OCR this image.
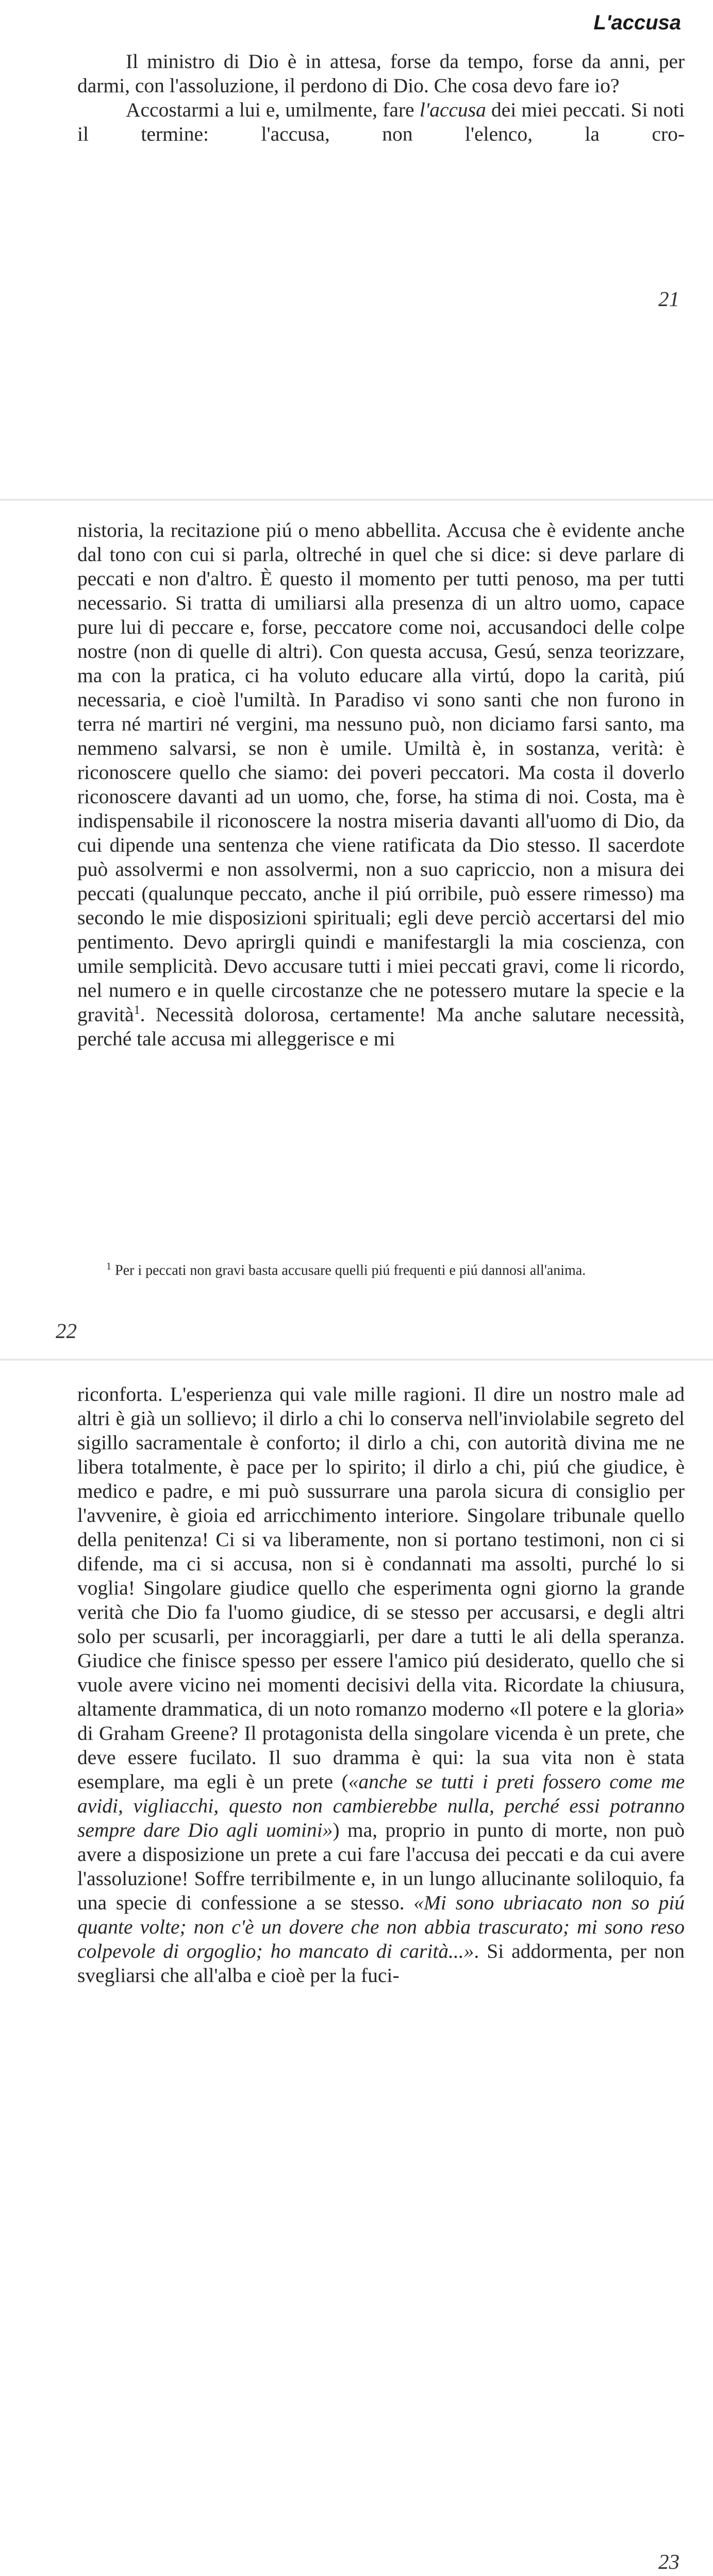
L'accusa

Il ministro di Dio è in attesa, forse da tempo, forse da anni, per darmi, con l'assoluzione, il perdono di Dio. Che cosa devo fare io?

Accostarmi a lui e, umilmente, fare l'accusa dei miei peccati. Si noti il termine: l'accusa, non l'elenco, la cro-

21

nistoria, la recitazione piú o meno abbellita. Accusa che è evidente anche dal tono con cui si parla, oltreché in quel che si dice: si deve parlare di peccati e non d'altro. È questo il momento per tutti penoso, ma per tutti necessario. Si tratta di umiliarsi alla presenza di un altro uomo, capace pure lui di peccare e, forse, peccatore come noi, accusandoci delle colpe nostre (non di quelle di altri). Con questa accusa, Gesú, senza teorizzare, ma con la pratica, ci ha voluto educare alla virtú, dopo la carità, piú necessaria, e cioè l'umiltà. In Paradiso vi sono santi che non furono in terra né martiri né vergini, ma nessuno può, non diciamo farsi santo, ma nemmeno salvarsi, se non è umile. Umiltà è, in sostanza, verità: è riconoscere quello che siamo: dei poveri peccatori. Ma costa il doverlo riconoscere davanti ad un uomo, che, forse, ha stima di noi. Costa, ma è indispensabile il riconoscere la nostra miseria davanti all'uomo di Dio, da cui dipende una sentenza che viene ratificata da Dio stesso. Il sacerdote può assolvermi e non assolvermi, non a suo capriccio, non a misura dei peccati (qualunque peccato, anche il piú orribile, può essere rimesso) ma secondo le mie disposizioni spirituali; egli deve perciò accertarsi del mio pentimento. Devo aprirgli quindi e manifestargli la mia coscienza, con umile semplicità. Devo accusare tutti i miei peccati gravi, come li ricordo, nel numero e in quelle circostanze che ne potessero mutare la specie e la gravità$^1$. Necessità dolorosa, certamente! Ma anche salutare necessità, perché tale accusa mi alleggerisce e mi

$^1$ Per i peccati non gravi basta accusare quelli piú frequenti e piú dannosi all'anima.
22

riconforta. L'esperienza qui vale mille ragioni. Il dire un nostro male ad altri è già un sollievo; il dirlo a chi lo conserva nell'inviolabile segreto del sigillo sacramentale è conforto; il dirlo a chi, con autorità divina me ne libera totalmente, è pace per lo spirito; il dirlo a chi, piú che giudice, è medico e padre, e mi può sussurrare una parola sicura di consiglio per l'avvenire, è gioia ed arricchimento interiore. Singolare tribunale quello della penitenza! Ci si va liberamente, non si portano testimoni, non ci si difende, ma ci si accusa, non si è condannati ma assolti, purché lo si voglia! Singolare giudice quello che esperimenta ogni giorno la grande verità che Dio fa l'uomo giudice, di se stesso per accusarsi, e degli altri solo per scusarli, per incoraggiarli, per dare a tutti le ali della speranza. Giudice che finisce spesso per essere l'amico piú desiderato, quello che si vuole avere vicino nei momenti decisivi della vita. Ricordate la chiusura, altamente drammatica, di un noto romanzo moderno «Il potere e la gloria» di Graham Greene? Il protagonista della singolare vicenda è un prete, che deve essere fucilato. Il suo dramma è qui: la sua vita non è stata esemplare, ma egli è un prete («anche se tutti i preti fossero come me avidi, vigliacchi, questo non cambierebbe nulla, perché essi potranno sempre dare Dio agli uomini») ma, proprio in punto di morte, non può avere a disposizione un prete a cui fare l'accusa dei peccati e da cui avere l'assoluzione! Soffre terribilmente e, in un lungo allucinante soliloquio, fa una specie di confessione a se stesso. «Mi sono ubriacato non so piú quante volte; non c'è un dovere che non abbia trascurato; mi sono reso colpevole di orgoglio; ho mancato di carità...». Si addormenta, per non svegliarsi che all'alba e cioè per la fuci-

23
